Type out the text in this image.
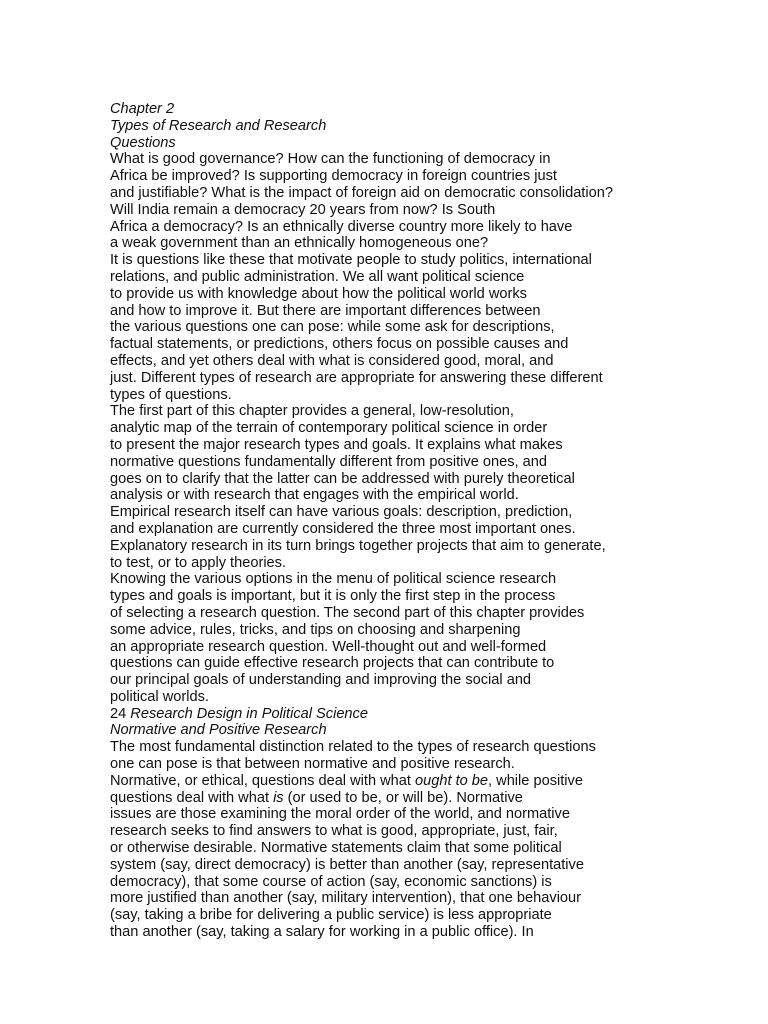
Chapter 2
Types of Research and Research
Questions
What is good governance? How can the functioning of democracy in
Africa be improved? Is supporting democracy in foreign countries just
and justifiable? What is the impact of foreign aid on democratic consolidation?
Will India remain a democracy 20 years from now? Is South
Africa a democracy? Is an ethnically diverse country more likely to have
a weak government than an ethnically homogeneous one?
It is questions like these that motivate people to study politics, international
relations, and public administration. We all want political science
to provide us with knowledge about how the political world works
and how to improve it. But there are important differences between
the various questions one can pose: while some ask for descriptions,
factual statements, or predictions, others focus on possible causes and
effects, and yet others deal with what is considered good, moral, and
just. Different types of research are appropriate for answering these different
types of questions.
The first part of this chapter provides a general, low-resolution,
analytic map of the terrain of contemporary political science in order
to present the major research types and goals. It explains what makes
normative questions fundamentally different from positive ones, and
goes on to clarify that the latter can be addressed with purely theoretical
analysis or with research that engages with the empirical world.
Empirical research itself can have various goals: description, prediction,
and explanation are currently considered the three most important ones.
Explanatory research in its turn brings together projects that aim to generate,
to test, or to apply theories.
Knowing the various options in the menu of political science research
types and goals is important, but it is only the first step in the process
of selecting a research question. The second part of this chapter provides
some advice, rules, tricks, and tips on choosing and sharpening
an appropriate research question. Well-thought out and well-formed
questions can guide effective research projects that can contribute to
our principal goals of understanding and improving the social and
political worlds.
24 Research Design in Political Science
Normative and Positive Research
The most fundamental distinction related to the types of research questions
one can pose is that between normative and positive research.
Normative, or ethical, questions deal with what ought to be, while positive
questions deal with what is (or used to be, or will be). Normative
issues are those examining the moral order of the world, and normative
research seeks to find answers to what is good, appropriate, just, fair,
or otherwise desirable. Normative statements claim that some political
system (say, direct democracy) is better than another (say, representative
democracy), that some course of action (say, economic sanctions) is
more justified than another (say, military intervention), that one behaviour
(say, taking a bribe for delivering a public service) is less appropriate
than another (say, taking a salary for working in a public office). In
